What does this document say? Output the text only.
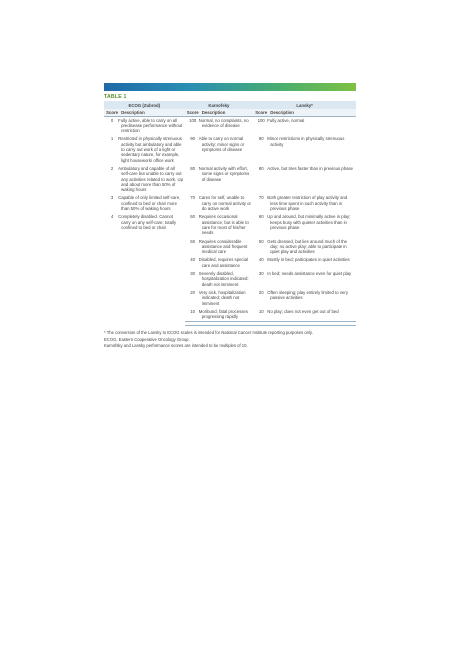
TABLE 1
ECOG (Zubrod)		Karnofsky		Lansky*	
Score	Description	Score	Description	Score	Description
0	Fully active, able to carry on all predisease performance without restriction	100	Normal, no complaints, no evidence of disease	100	Fully active, normal
1	Restricted in physically strenuous activity but ambulatory and able to carry out work of a light or sedentary nature, for example, light housework/ office work	90	Able to carry on normal activity; minor signs or symptoms of disease	90	Minor restrictions in physically strenuous activity
2	Ambulatory and capable of all self-care but unable to carry out any activities related to work. Up and about more than 50% of waking hours	80	Normal activity with effort, some signs or symptoms of disease	80	Active, but tires faster than in previous phase
3	Capable of only limited self-care, confined to bed or chair more than 50% of waking hours	70	Cares for self, unable to carry on normal activity or do active work	70	Both greater restriction of play activity and less time spent in such activity than in previous phase
4	Completely disabled. Cannot carry on any self-care; totally confined to bed or chair	60	Requires occasional assistance, but is able to care for most of his/her needs	60	Up and around, but minimally active in play; keeps busy with quieter activities than in previous phase
		50	Requires considerable assistance and frequent medical care	50	Gets dressed, but lies around much of the day; no active play; able to participate in quiet play and activities
		40	Disabled, requires special care and assistance	40	Mostly in bed; participates in quiet activities
		30	Severely disabled, hospitalization indicated; death not imminent	30	In bed; needs assistance even for quiet play
		20	Very sick, hospitalization indicated; death not imminent	20	Often sleeping; play entirely limited to very passive activities
		10	Moribund, fatal processes progressing rapidly	10	No play; does not even get out of bed

* The conversion of the Lansky to ECOG scales is intended for National Cancer Institute reporting purposes only.
ECOG, Eastern Cooperative Oncology Group.
Karnofsky and Lansky performance scores are intended to be multiples of 10.
